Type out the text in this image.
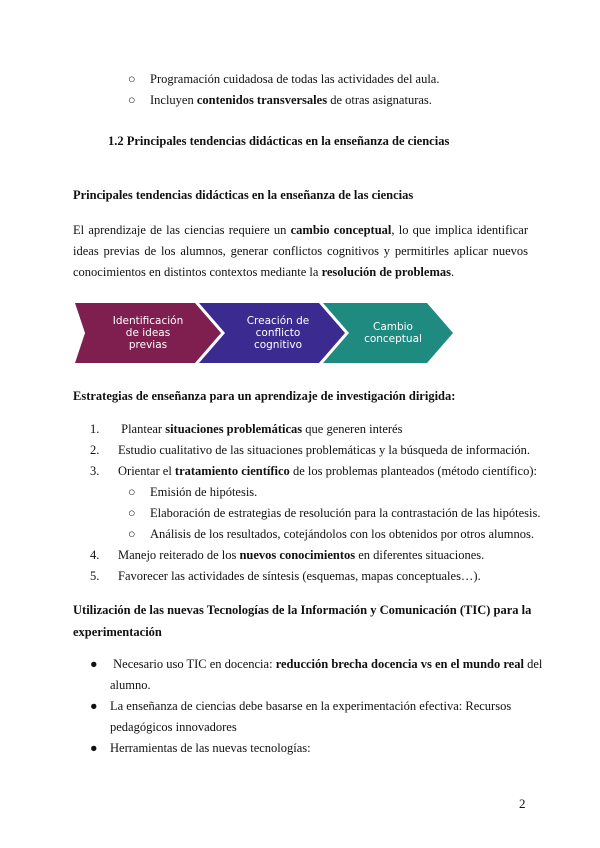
○ Programación cuidadosa de todas las actividades del aula.
○ Incluyen contenidos transversales de otras asignaturas.
1.2 Principales tendencias didácticas en la enseñanza de ciencias
Principales tendencias didácticas en la enseñanza de las ciencias
El aprendizaje de las ciencias requiere un cambio conceptual, lo que implica identificar ideas previas de los alumnos, generar conflictos cognitivos y permitirles aplicar nuevos conocimientos en distintos contextos mediante la resolución de problemas.
Identificación
de ideas
previas
Creación de
conflicto
cognitivo
Cambio
conceptual
Estrategias de enseñanza para un aprendizaje de investigación dirigida:
1. Plantear situaciones problemáticas que generen interés
2. Estudio cualitativo de las situaciones problemáticas y la búsqueda de información.
3. Orientar el tratamiento científico de los problemas planteados (método científico):
○ Emisión de hipótesis.
○ Elaboración de estrategias de resolución para la contrastación de las hipótesis.
○ Análisis de los resultados, cotejándolos con los obtenidos por otros alumnos.
4. Manejo reiterado de los nuevos conocimientos en diferentes situaciones.
5. Favorecer las actividades de síntesis (esquemas, mapas conceptuales…).
Utilización de las nuevas Tecnologías de la Información y Comunicación (TIC) para la
experimentación
● Necesario uso TIC en docencia: reducción brecha docencia vs en el mundo real del
alumno.
● La enseñanza de ciencias debe basarse en la experimentación efectiva: Recursos
pedagógicos innovadores
● Herramientas de las nuevas tecnologías:
2
